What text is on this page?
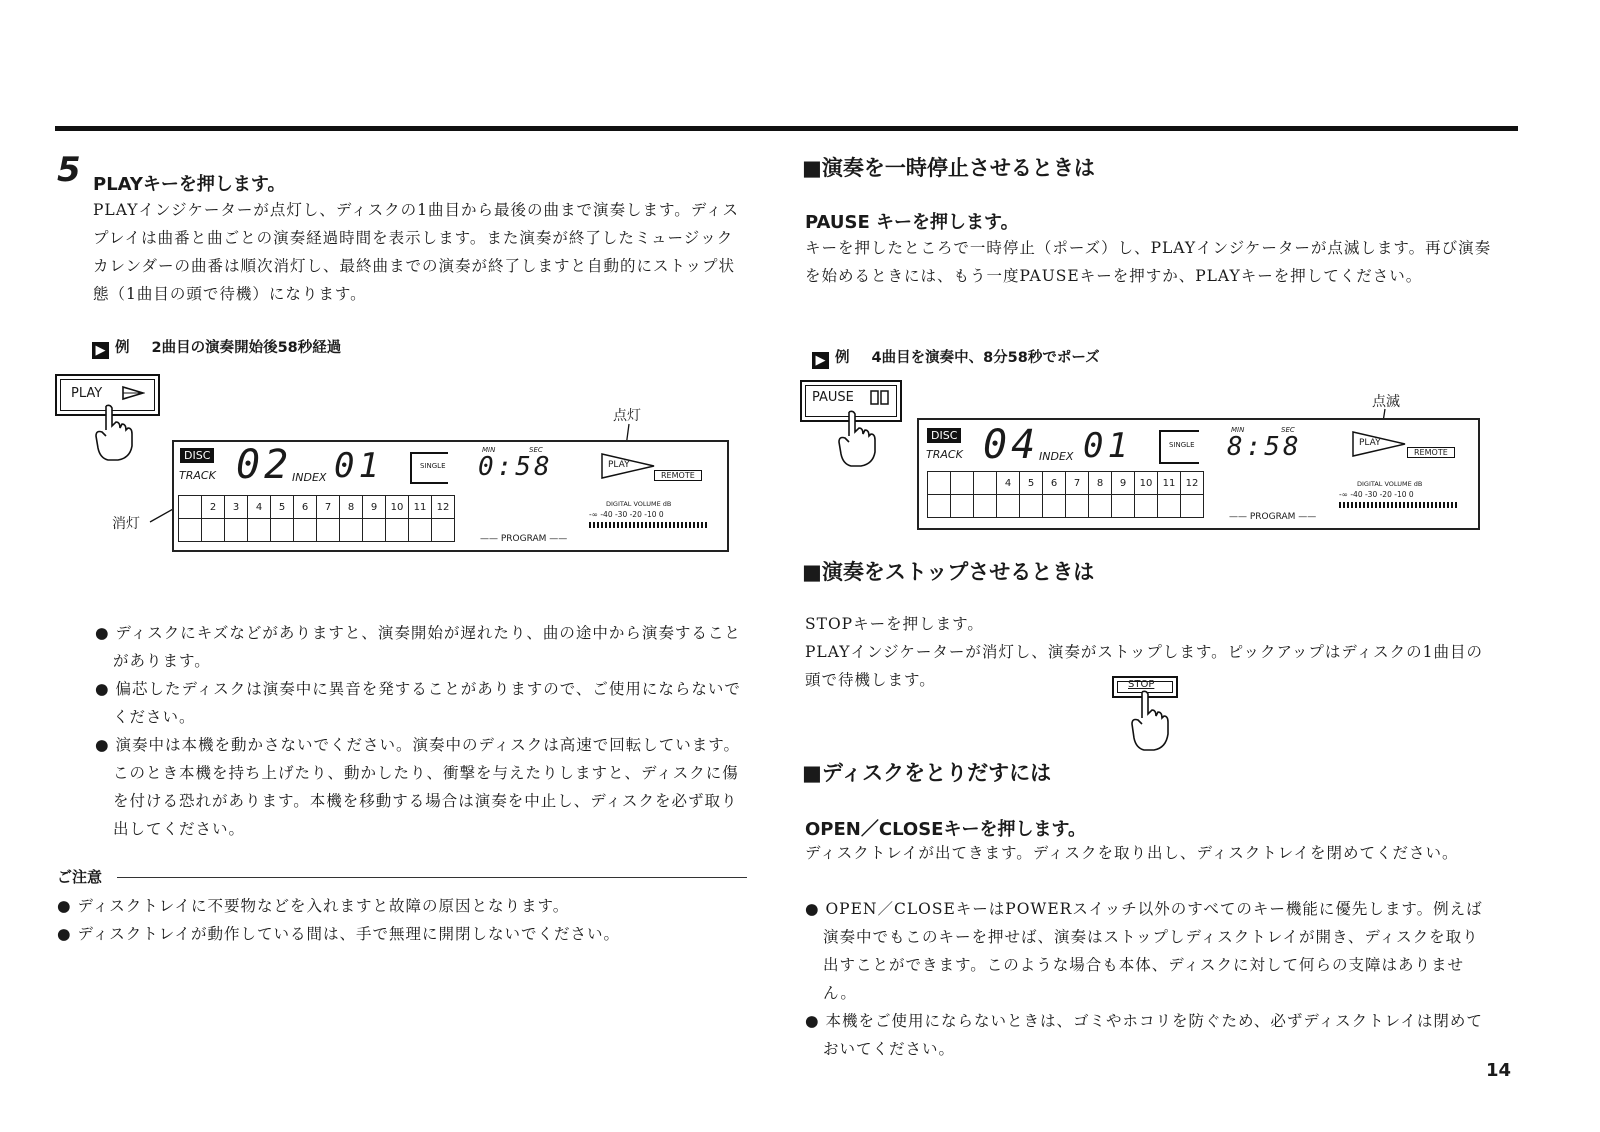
5 PLAYキーを押します。
PLAYインジケーターが点灯し、ディスクの1曲目から最後の曲まで演奏します。ディスプレイは曲番と曲ごとの演奏経過時間を表示します。また演奏が終了したミュージックカレンダーの曲番は順次消灯し、最終曲までの演奏が終了しますと自動的にストップ状態（1曲目の頭で待機）になります。
▶ 例 2曲目の演奏開始後58秒経過
PLAY
点灯
消灯
DISC
TRACK 02 INDEX 01	SINGLE
MIN	SEC
0:58	PLAY
REMOTE
	2	3	4	5	6	7	8	9	10	11	12

—— PROGRAM ——
DIGITAL VOLUME dB
-∞ -40 -30 -20 -10 0
● ディスクにキズなどがありますと、演奏開始が遅れたり、曲の途中から演奏することがあります。
● 偏芯したディスクは演奏中に異音を発することがありますので、ご使用にならないでください。
● 演奏中は本機を動かさないでください。演奏中のディスクは高速で回転しています。このとき本機を持ち上げたり、動かしたり、衝撃を与えたりしますと、ディスクに傷を付ける恐れがあります。本機を移動する場合は演奏を中止し、ディスクを必ず取り出してください。
ご注意
● ディスクトレイに不要物などを入れますと故障の原因となります。
● ディスクトレイが動作している間は、手で無理に開閉しないでください。
■演奏を一時停止させるときは
PAUSE キーを押します。
キーを押したところで一時停止（ポーズ）し、PLAYインジケーターが点滅します。再び演奏を始めるときには、もう一度PAUSEキーを押すか、PLAYキーを押してください。
▶ 例 4曲目を演奏中、8分58秒でポーズ
PAUSE	点滅
DISC
TRACK 04 INDEX 01	SINGLE
MIN	SEC
8:58	PLAY
REMOTE
			4	5	6	7	8	9	10	11	12

—— PROGRAM ——
DIGITAL VOLUME dB
-∞ -40 -30 -20 -10 0
■演奏をストップさせるときは
STOPキーを押します。
PLAYインジケーターが消灯し、演奏がストップします。ピックアップはディスクの1曲目の頭で待機します。	STOP
■ディスクをとりだすには
OPEN／CLOSEキーを押します。
ディスクトレイが出てきます。ディスクを取り出し、ディスクトレイを閉めてください。
● OPEN／CLOSEキーはPOWERスイッチ以外のすべてのキー機能に優先します。例えば演奏中でもこのキーを押せば、演奏はストップしディスクトレイが開き、ディスクを取り出すことができます。このような場合も本体、ディスクに対して何らの支障はありません。
● 本機をご使用にならないときは、ゴミやホコリを防ぐため、必ずディスクトレイは閉めておいてください。
14
